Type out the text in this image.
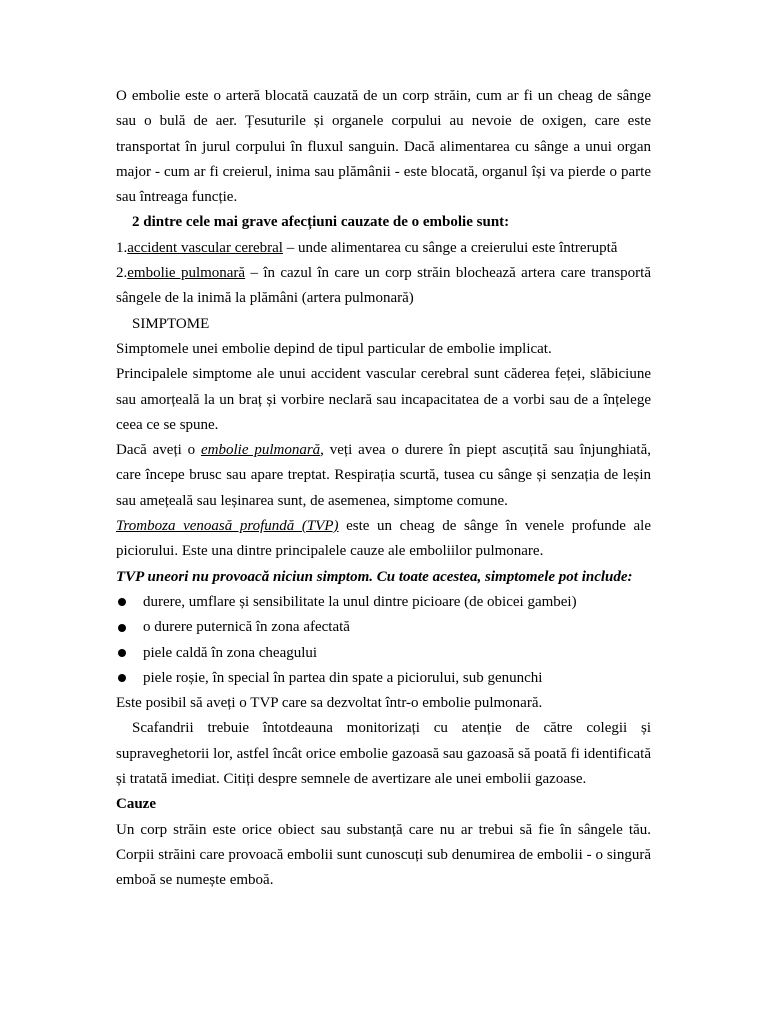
O embolie este o arteră blocată cauzată de un corp străin, cum ar fi un cheag de sânge sau o bulă de aer. Țesuturile și organele corpului au nevoie de oxigen, care este transportat în jurul corpului în fluxul sanguin. Dacă alimentarea cu sânge a unui organ major - cum ar fi creierul, inima sau plămânii - este blocată, organul își va pierde o parte sau întreaga funcție.

2 dintre cele mai grave afecțiuni cauzate de o embolie sunt:

1.accident vascular cerebral – unde alimentarea cu sânge a creierului este întreruptă

2.embolie pulmonară – în cazul în care un corp străin blochează artera care transportă sângele de la inimă la plămâni (artera pulmonară)

SIMPTOME

Simptomele unei embolie depind de tipul particular de embolie implicat.

Principalele simptome ale unui accident vascular cerebral sunt căderea feței, slăbiciune sau amorțeală la un braț și vorbire neclară sau incapacitatea de a vorbi sau de a înțelege ceea ce se spune.

Dacă aveți o embolie pulmonară, veți avea o durere în piept ascuțită sau înjunghiată, care începe brusc sau apare treptat. Respirația scurtă, tusea cu sânge și senzația de leșin sau amețeală sau leșinarea sunt, de asemenea, simptome comune.

Tromboza venoasă profundă (TVP) este un cheag de sânge în venele profunde ale piciorului. Este una dintre principalele cauze ale emboliilor pulmonare.

TVP uneori nu provoacă niciun simptom. Cu toate acestea, simptomele pot include:

durere, umflare și sensibilitate la unul dintre picioare (de obicei gambei)
o durere puternică în zona afectată
piele caldă în zona cheagului
piele roșie, în special în partea din spate a piciorului, sub genunchi

Este posibil să aveți o TVP care sa dezvoltat într-o embolie pulmonară.

Scafandrii trebuie întotdeauna monitorizați cu atenție de către colegii și supraveghetorii lor, astfel încât orice embolie gazoasă sau gazoasă să poată fi identificată și tratată imediat. Citiți despre semnele de avertizare ale unei embolii gazoase.

Cauze

Un corp străin este orice obiect sau substanță care nu ar trebui să fie în sângele tău. Corpii străini care provoacă embolii sunt cunoscuți sub denumirea de embolii - o singură emboă se numește emboă.
